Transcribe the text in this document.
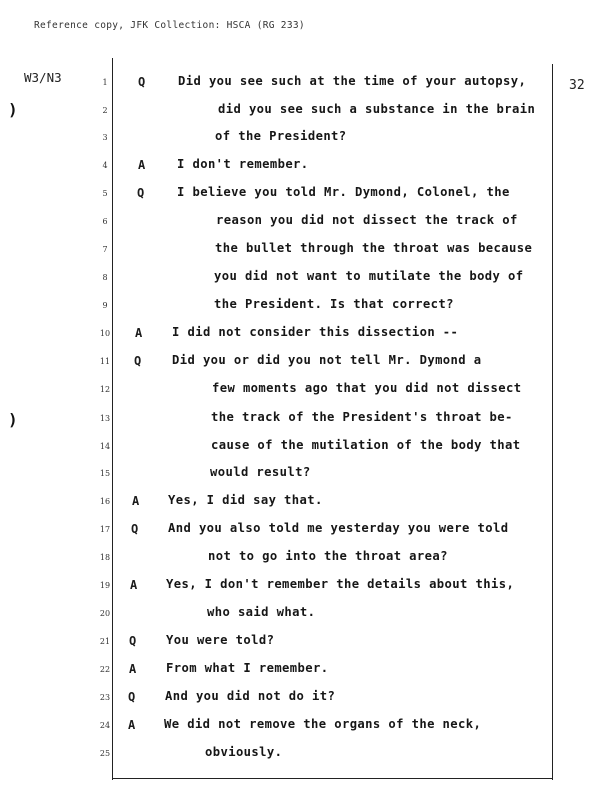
Reference copy, JFK Collection: HSCA (RG 233)
W3/N3
32
)
)
1	Q	Did you see such at the time of your autopsy,
2	did you see such a substance in the brain
3	of the President?
4	A	I don't remember.
5	Q	I believe you told Mr. Dymond, Colonel, the
6	reason you did not dissect the track of
7	the bullet through the throat was because
8	you did not want to mutilate the body of
9	the President. Is that correct?
10	A I did not consider this dissection --
11	Q	Did you or did you not tell Mr. Dymond a
12	few moments ago that you did not dissect
13	the track of the President's throat be-
14	cause of the mutilation of the body that
15	would result?
16	A Yes, I did say that.
17	Q And you also told me yesterday you were told
18	not to go into the throat area?
19	A Yes, I don't remember the details about this,
20	who said what.
21	Q You were told?
22	A From what I remember.
23	Q And you did not do it?
24	A We did not remove the organs of the neck,
25	obviously.
